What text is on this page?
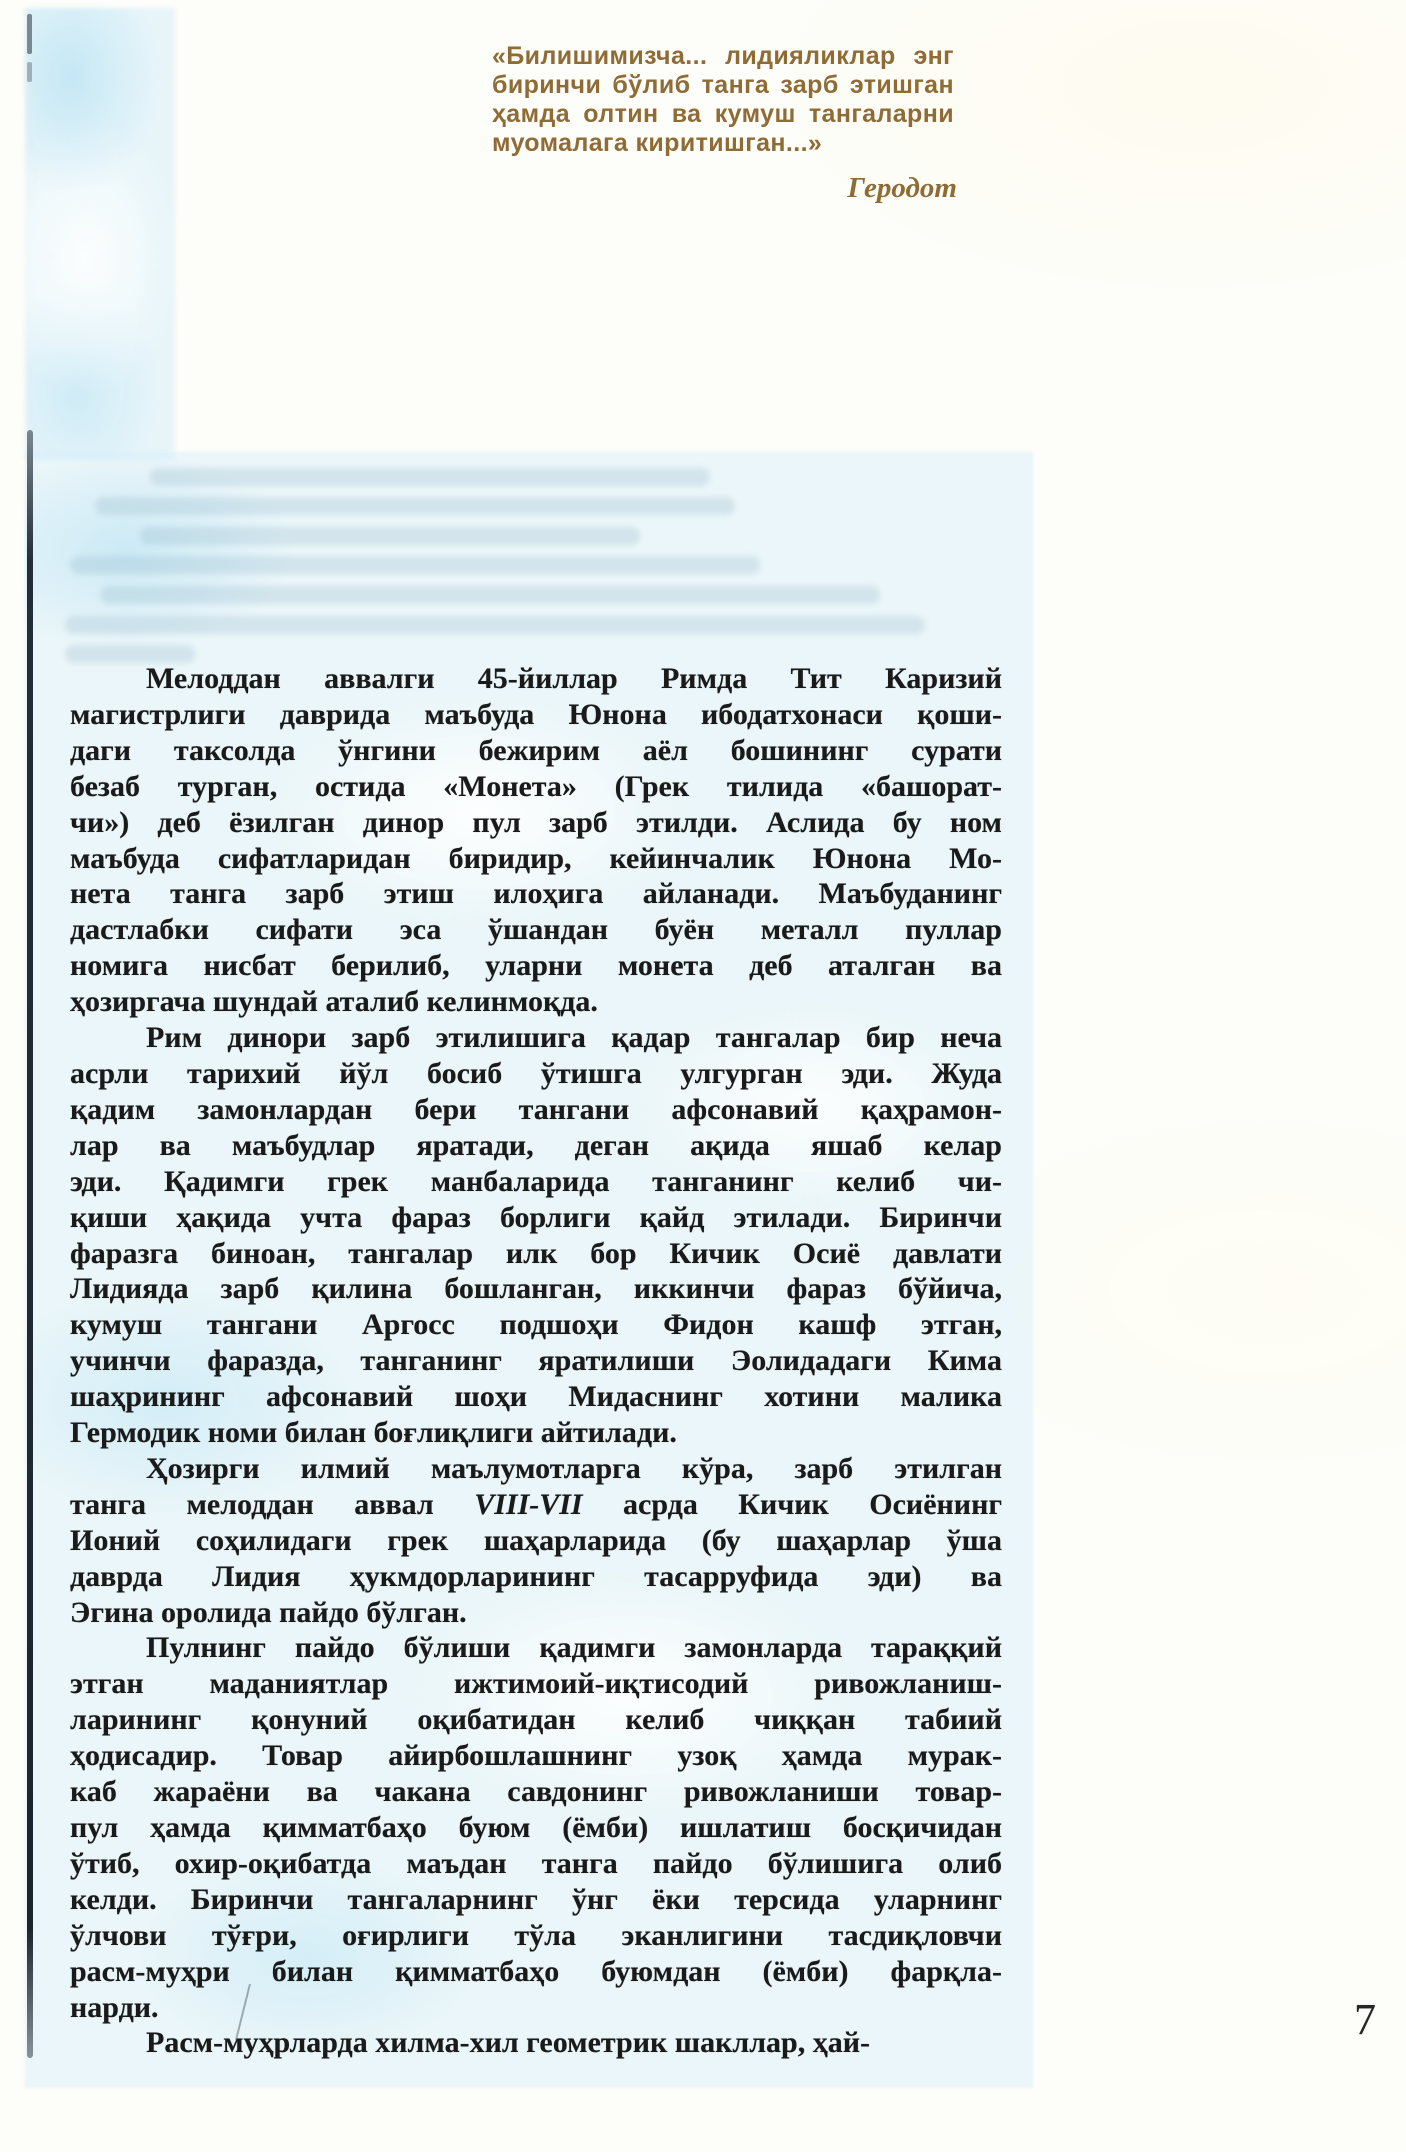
«Билишимизча... лидияликлар энг
биринчи бўлиб танга зарб этишган
ҳамда олтин ва кумуш тангаларни
муомалага киритишган...»
Геродот
Мелоддан аввалги 45-йиллар Римда Тит Каризий
магистрлиги даврида маъбуда Юнона ибодатхонаси қоши-
даги таксолда ўнгини бежирим аёл бошининг сурати
безаб турган, остида «Монета» (Грек тилида «башорат-
чи») деб ёзилган динор пул зарб этилди. Аслида бу ном
маъбуда сифатларидан биридир, кейинчалик Юнона Мо-
нета танга зарб этиш илоҳига айланади. Маъбуданинг
дастлабки сифати эса ўшандан буён металл пуллар
номига нисбат берилиб, уларни монета деб аталган ва
ҳозиргача шундай аталиб келинмоқда.
Рим динори зарб этилишига қадар тангалар бир неча
асрли тарихий йўл босиб ўтишга улгурган эди. Жуда
қадим замонлардан бери тангани афсонавий қаҳрамон-
лар ва маъбудлар яратади, деган ақида яшаб келар
эди. Қадимги грек манбаларида танганинг келиб чи-
қиши ҳақида учта фараз борлиги қайд этилади. Биринчи
фаразга биноан, тангалар илк бор Кичик Осиё давлати
Лидияда зарб қилина бошланган, иккинчи фараз бўйича,
кумуш тангани Аргосс подшоҳи Фидон кашф этган,
учинчи фаразда, танганинг яратилиши Эолидадаги Кима
шаҳрининг афсонавий шоҳи Мидаснинг хотини малика
Гермодик номи билан боғлиқлиги айтилади.
Ҳозирги илмий маълумотларга кўра, зарб этилган
танга мелоддан аввал VIII-VII асрда Кичик Осиёнинг
Ионий соҳилидаги грек шаҳарларида (бу шаҳарлар ўша
даврда Лидия ҳукмдорларининг тасарруфида эди) ва
Эгина оролида пайдо бўлган.
Пулнинг пайдо бўлиши қадимги замонларда тараққий
этган маданиятлар ижтимоий-иқтисодий ривожланиш-
ларининг қонуний оқибатидан келиб чиққан табиий
ҳодисадир. Товар айирбошлашнинг узоқ ҳамда мурак-
каб жараёни ва чакана савдонинг ривожланиши товар-
пул ҳамда қимматбаҳо буюм (ёмби) ишлатиш босқичидан
ўтиб, охир-оқибатда маъдан танга пайдо бўлишига олиб
келди. Биринчи тангаларнинг ўнг ёки терсида уларнинг
ўлчови тўғри, оғирлиги тўла эканлигини тасдиқловчи
расм-муҳри билан қимматбаҳо буюмдан (ёмби) фарқла-
нарди.
Расм-муҳрларда хилма-хил геометрик шакллар, ҳай-	7
